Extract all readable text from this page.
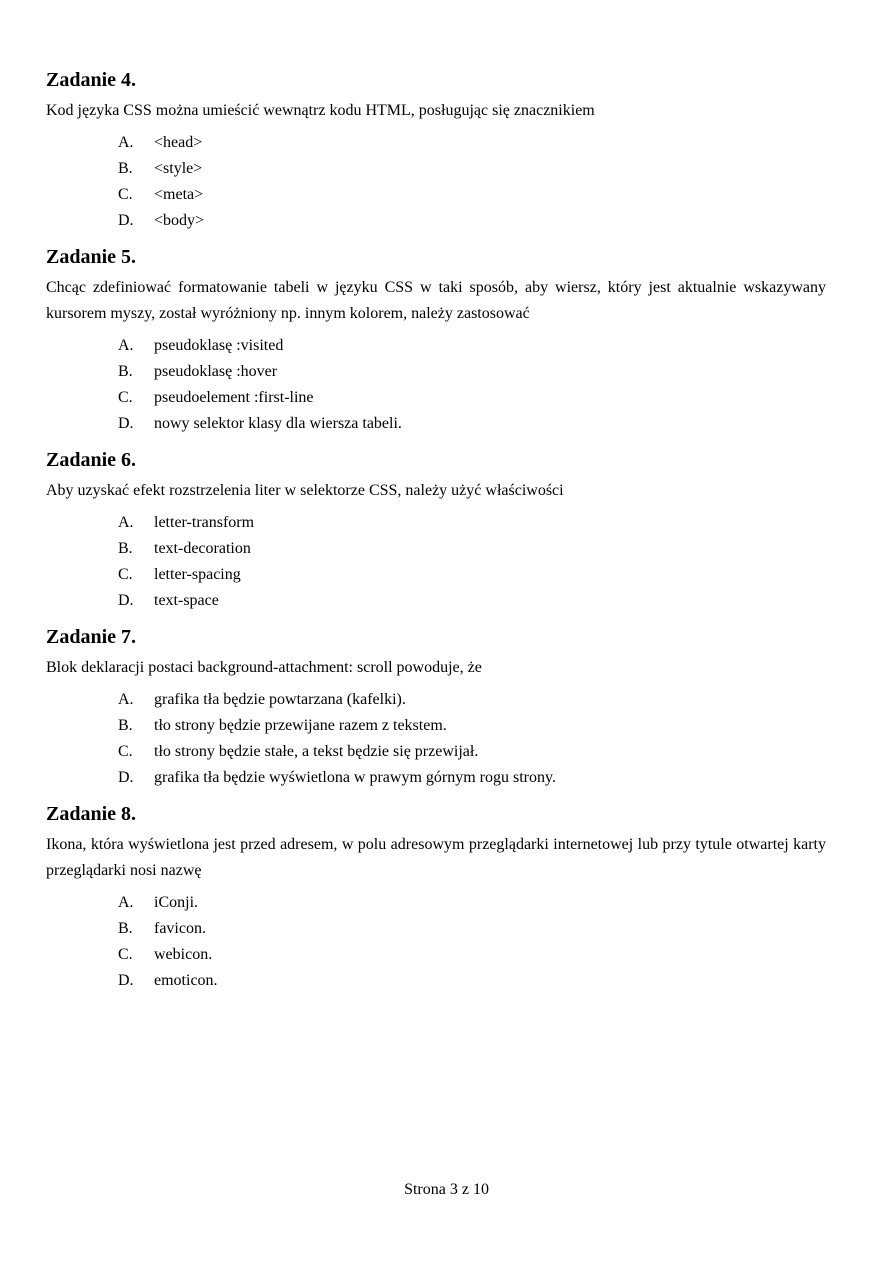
Zadanie 4.

Kod języka CSS można umieścić wewnątrz kodu HTML, posługując się znacznikiem

A.	<head>
B.	<style>
C.	<meta>
D.	<body>
Zadanie 5.

Chcąc zdefiniować formatowanie tabeli w języku CSS w taki sposób, aby wiersz, który jest aktualnie wskazywany kursorem myszy, został wyróżniony np. innym kolorem, należy zastosować

A.	pseudoklasę :visited
B.	pseudoklasę :hover
C.	pseudoelement :first-line
D.	nowy selektor klasy dla wiersza tabeli.
Zadanie 6.

Aby uzyskać efekt rozstrzelenia liter w selektorze CSS, należy użyć właściwości

A.	letter-transform
B.	text-decoration
C.	letter-spacing
D.	text-space
Zadanie 7.

Blok deklaracji postaci background-attachment: scroll powoduje, że

A.	grafika tła będzie powtarzana (kafelki).
B.	tło strony będzie przewijane razem z tekstem.
C.	tło strony będzie stałe, a tekst będzie się przewijał.
D.	grafika tła będzie wyświetlona w prawym górnym rogu strony.
Zadanie 8.

Ikona, która wyświetlona jest przed adresem, w polu adresowym przeglądarki internetowej lub przy tytule otwartej karty przeglądarki nosi nazwę

A.	iConji.
B.	favicon.
C.	webicon.
D.	emoticon.
Strona 3 z 10
